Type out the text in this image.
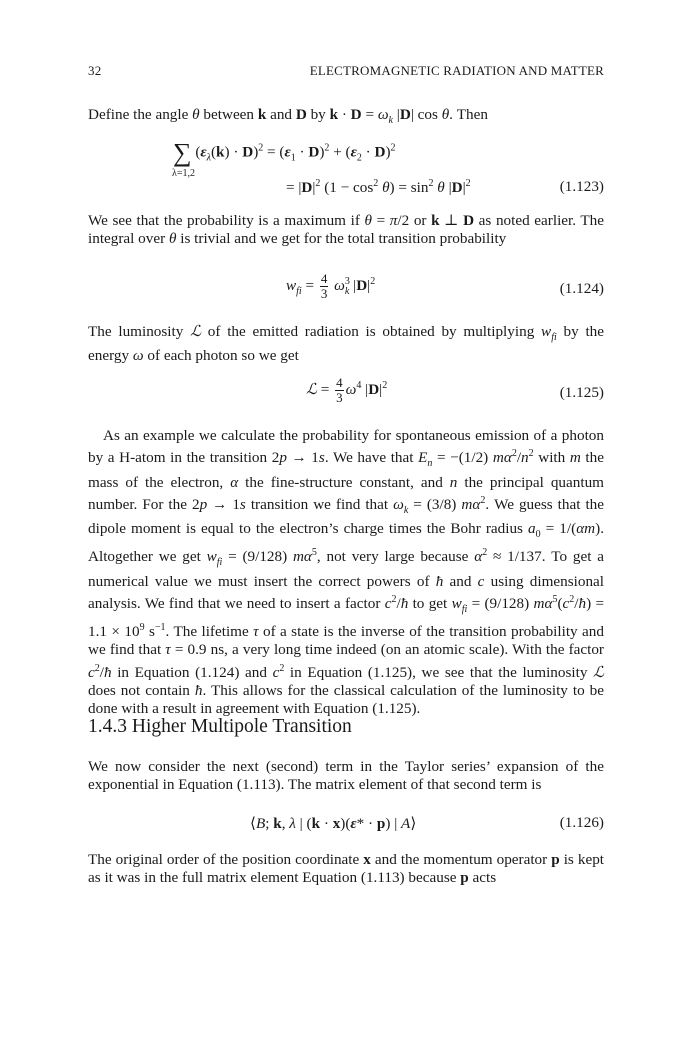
32	ELECTROMAGNETIC RADIATION AND MATTER

Define the angle θ between k and D by $k \cdot D = \omega_k$ |D| cos θ. Then

∑ $(\varepsilon_\lambda(k) \cdot D)^2 = (\varepsilon_1 \cdot D)^2 + (\varepsilon_2 \cdot D)^2$
λ=1,2
= $|D|^2$ $(1 - \cos^2 \theta) = \sin^2 \theta$ $|D|^2$	(1.123)

We see that the probability is a maximum if θ = π/2 or k ⊥ D as noted earlier. The integral over θ is trivial and we get for the total transition probability

$w_{fi} = \frac{4}{3} \omega^3_k$ $|D|^2$	(1.124)

The luminosity ℒ of the emitted radiation is obtained by multiplying $w_{fi}$ by the energy ω of each photon so we get

ℒ = $\frac{4}{3} \omega^4$ $|D|^2$	(1.125)

As an example we calculate the probability for spontaneous emission of a photon by a H-atom in the transition 2p → 1s. We have that $E_n = -(1/2)$ $m\alpha^2/n^2$ with m the mass of the electron, α the fine-structure constant, and n the principal quantum number. For the 2p → 1s transition we find that $\omega_k = (3/8)$ $m\alpha^2$. We guess that the dipole moment is equal to the electron’s charge times the Bohr radius $a_0 = 1/(\alpha m)$. Altogether we get $w_{fi} = (9/128)$ $m\alpha^5$, not very large because $\alpha^2 \approx 1/137$. To get a numerical value we must insert the correct powers of ħ and c using dimensional analysis. We find that we need to insert a factor $c^2/ħ$ to get $w_{fi} = (9/128)$ $m\alpha^5(c^2/ħ) = 1.1 \times 10^9$ $s^{-1}$. The lifetime τ of a state is the inverse of the transition probability and we find that τ = 0.9 ns, a very long time indeed (on an atomic scale). With the factor $c^2/ħ$ in Equation (1.124) and $c^2$ in Equation (1.125), we see that the luminosity ℒ does not contain ħ. This allows for the classical calculation of the luminosity to be done with a result in agreement with Equation (1.125).

1.4.3 Higher Multipole Transition

We now consider the next (second) term in the Taylor series’ expansion of the exponential in Equation (1.113). The matrix element of that second term is

⟨B; k, λ | (k · x)(ε* · p) | A⟩	(1.126)

The original order of the position coordinate x and the momentum operator p is kept as it was in the full matrix element Equation (1.113) because p acts
